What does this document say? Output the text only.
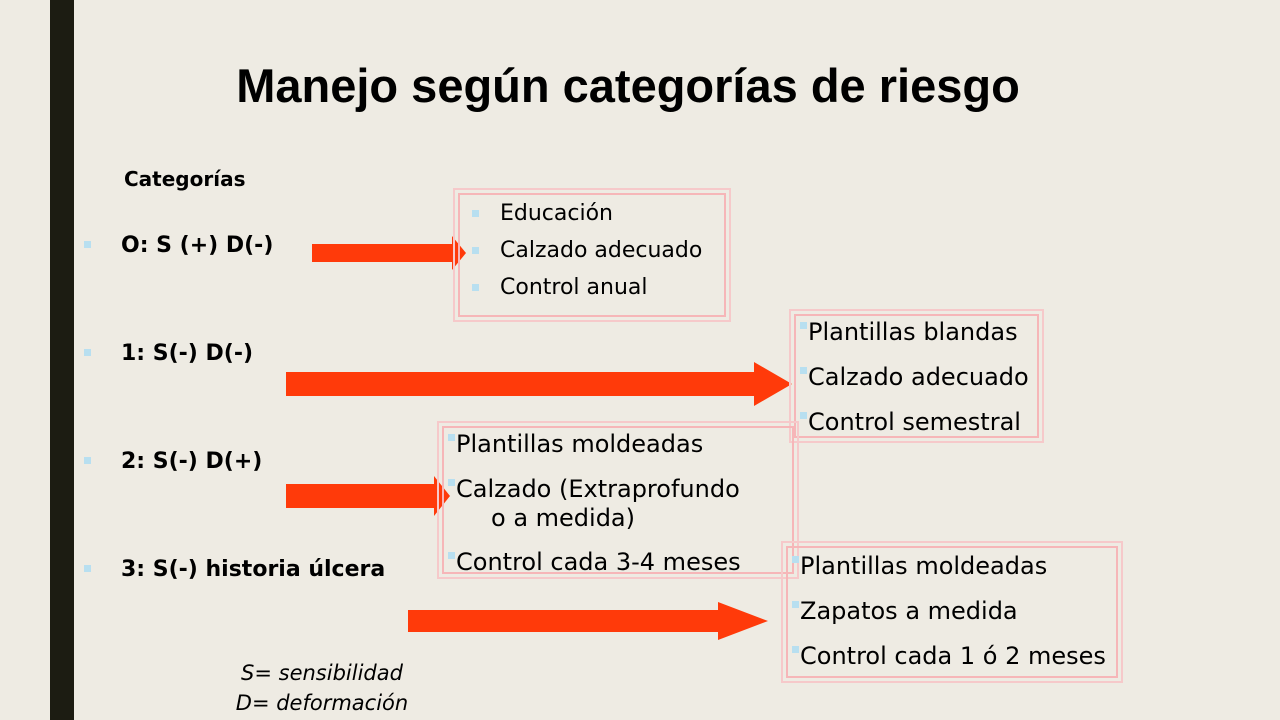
Manejo según categorías de riesgo
Categorías
O: S (+) D(-)
1: S(-) D(-)
2: S(-) D(+)
3: S(-) historia úlcera
Educación
Calzado adecuado
Control anual
Plantillas blandas
Calzado adecuado
Control semestral
Plantillas moldeadas
Calzado (Extraprofundo
o a medida)
Control cada 3-4 meses	Plantillas moldeadas
Zapatos a medida
Control cada 1 ó 2 meses
S= sensibilidad
D= deformación
